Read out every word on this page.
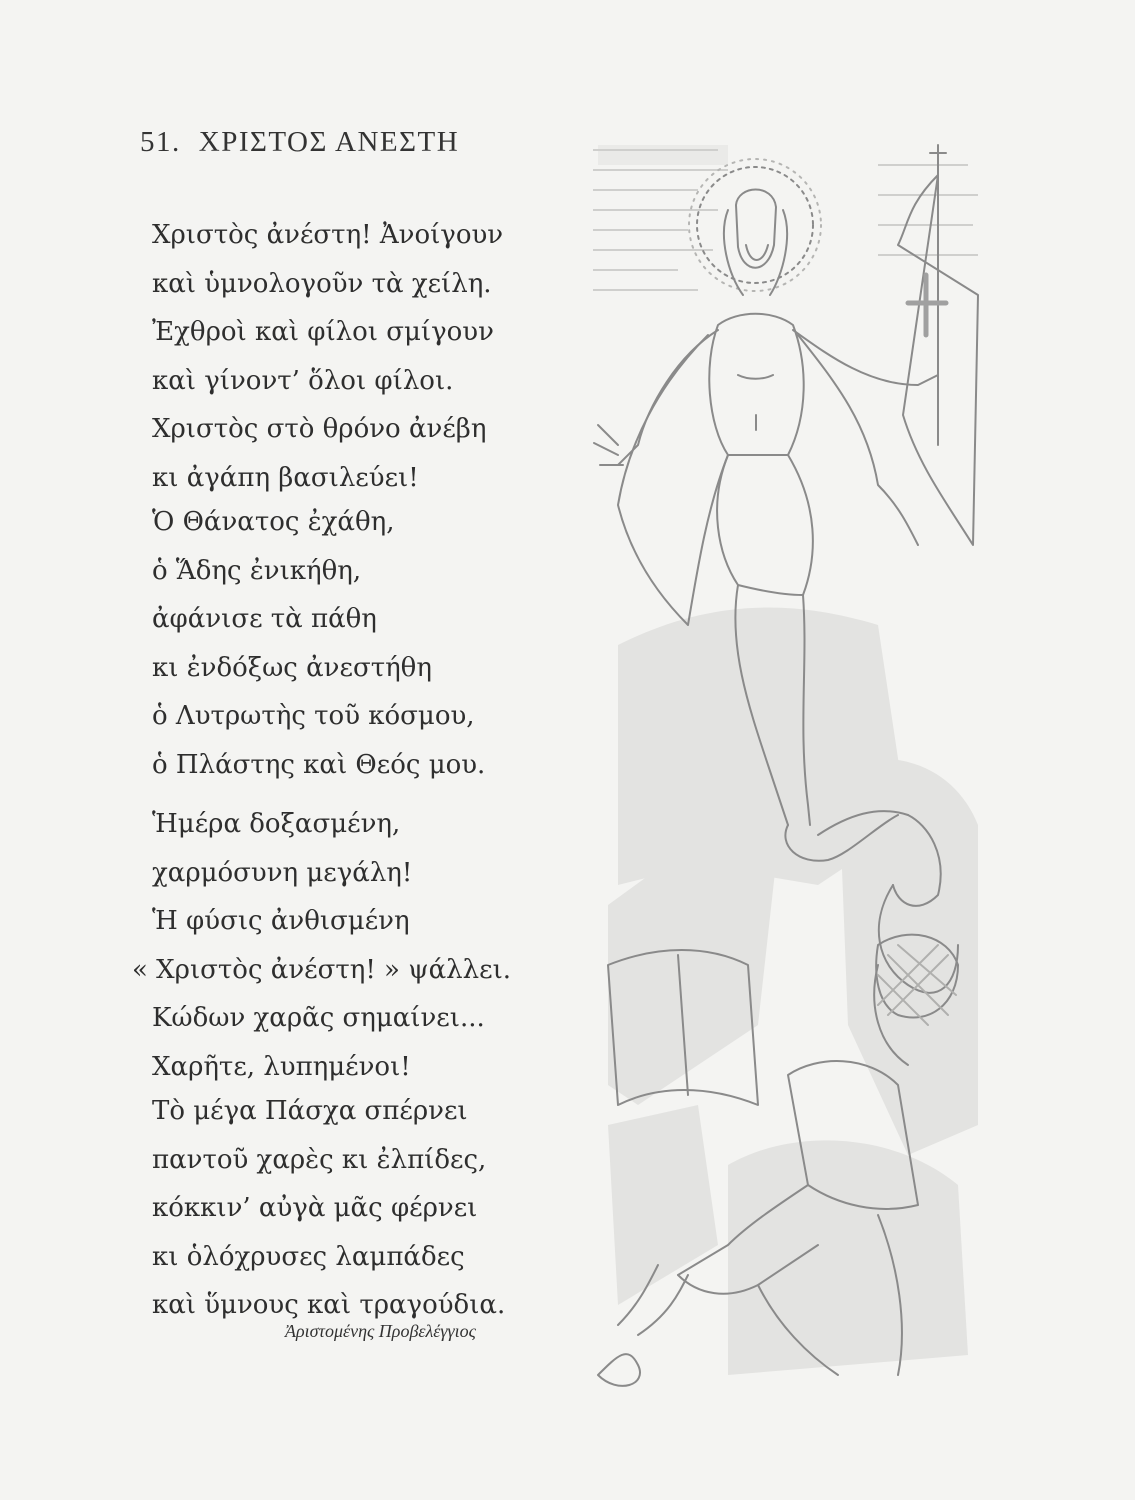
51. ΧΡΙΣΤΟΣ ΑΝΕΣΤΗ
Χριστὸς ἀνέστη! Ἀνοίγουν
καὶ ὑμνολογοῦν τὰ χείλη.
Ἐχθροὶ καὶ φίλοι σμίγουν
καὶ γίνοντ’ ὅλοι φίλοι.
Χριστὸς στὸ θρόνο ἀνέβη
κι ἀγάπη βασιλεύει!
Ὁ Θάνατος ἐχάθη,
ὁ Ἅδης ἐνικήθη,
ἀφάνισε τὰ πάθη
κι ἐνδόξως ἀνεστήθη
ὁ Λυτρωτὴς τοῦ κόσμου,
ὁ Πλάστης καὶ Θεός μου.
Ἡμέρα δοξασμένη,
χαρμόσυνη μεγάλη!
Ἡ φύσις ἀνθισμένη
« Χριστὸς ἀνέστη! » ψάλλει.
Κώδων χαρᾶς σημαίνει...
Χαρῆτε, λυπημένοι!
Τὸ μέγα Πάσχα σπέρνει
παντοῦ χαρὲς κι ἐλπίδες,
κόκκιν’ αὐγὰ μᾶς φέρνει
κι ὁλόχρυσες λαμπάδες
καὶ ὕμνους καὶ τραγούδια.
Ἀριστομένης Προβελέγγιος
